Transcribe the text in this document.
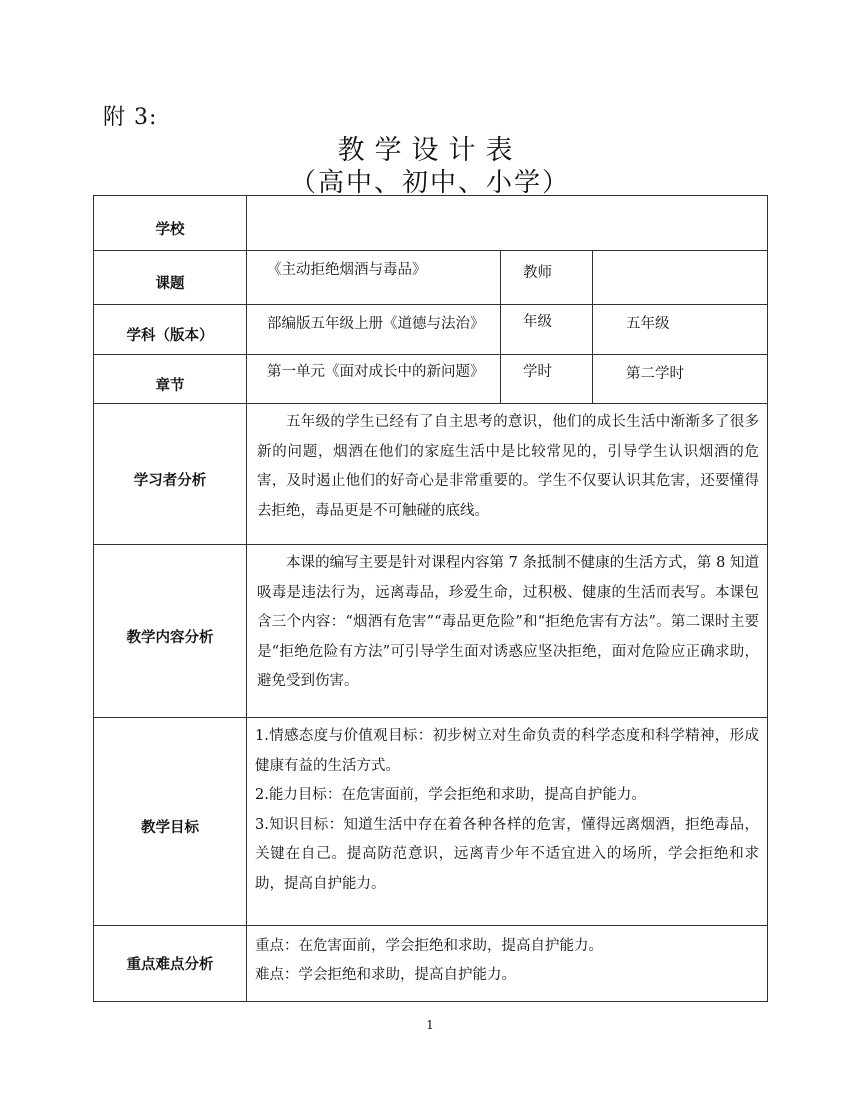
附 3:
教学设计表
（高中、初中、小学）
学校			
课题	《主动拒绝烟酒与毒品》	教师	

学科（版本）	部编版五年级上册《道德与法治》	年级	五年级

章节	第一单元《面对成长中的新问题》	学时	第二学时

学习者分析	五年级的学生已经有了自主思考的意识，他们的成长生活中渐渐多了很多新的问题，烟酒在他们的家庭生活中是比较常见的，引导学生认识烟酒的危害，及时遏止他们的好奇心是非常重要的。学生不仅要认识其危害，还要懂得去拒绝，毒品更是不可触碰的底线。		

教学内容分析	本课的编写主要是针对课程内容第 7 条抵制不健康的生活方式，第 8 知道吸毒是违法行为，远离毒品，珍爱生命，过积极、健康的生活而表写。本课包含三个内容：“烟酒有危害”“毒品更危险”和“拒绝危害有方法”。第二课时主要是“拒绝危险有方法”可引导学生面对诱惑应坚决拒绝，面对危险应正确求助，避免受到伤害。		

教学目标	1.情感态度与价值观目标：初步树立对生命负责的科学态度和科学精神，形成健康有益的生活方式。

2.能力目标：在危害面前，学会拒绝和求助，提高自护能力。

3.知识目标：知道生活中存在着各种各样的危害，懂得远离烟酒，拒绝毒品，关键在自己。提高防范意识，远离青少年不适宜进入的场所，学会拒绝和求助，提高自护能力。		

重点难点分析	重点：在危害面前，学会拒绝和求助，提高自护能力。

难点：学会拒绝和求助，提高自护能力。		

1
